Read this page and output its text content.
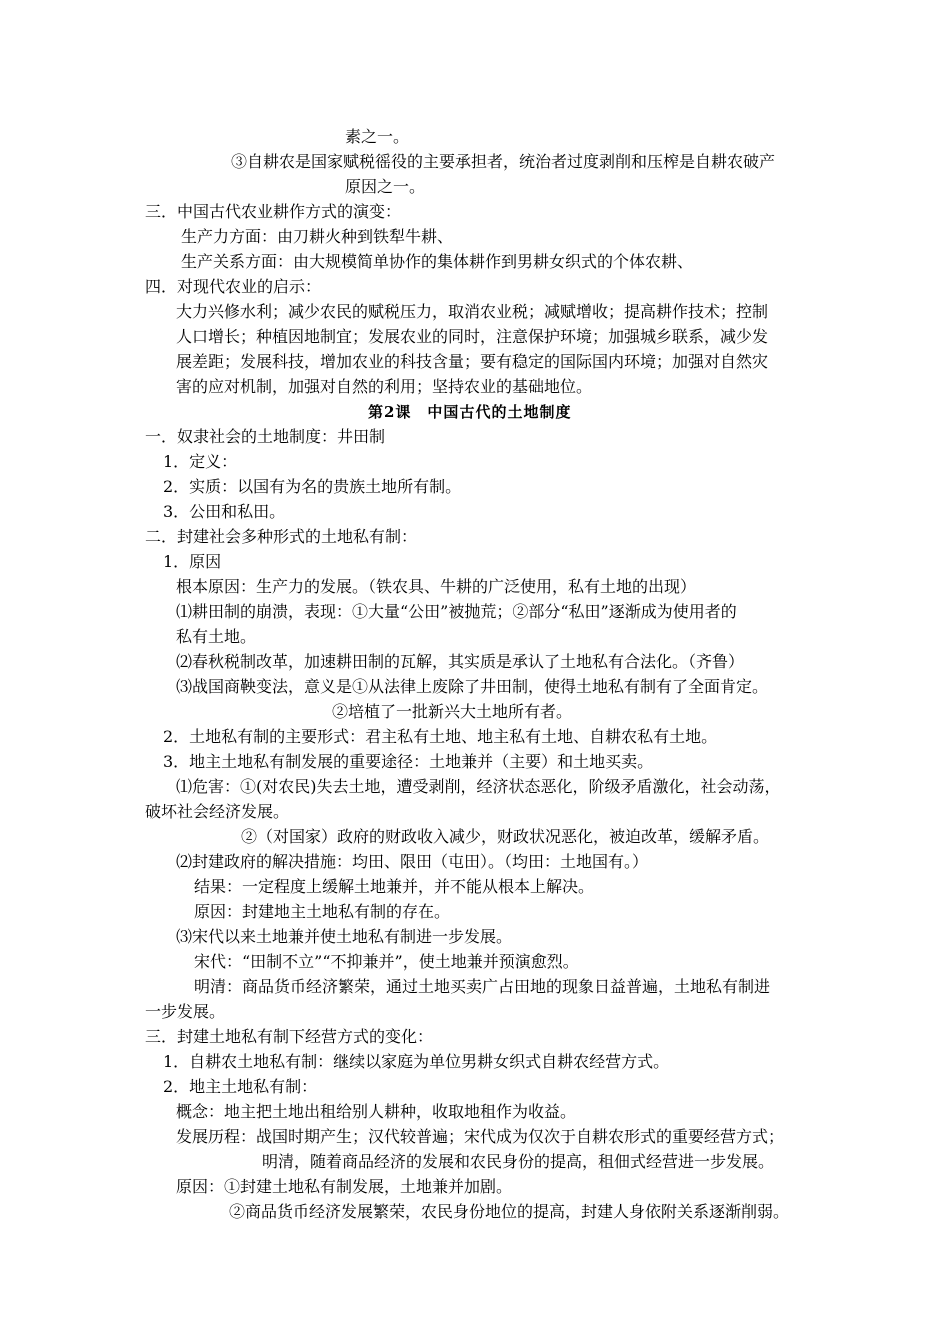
素之一。
③自耕农是国家赋税徭役的主要承担者，统治者过度剥削和压榨是自耕农破产
原因之一。
三．中国古代农业耕作方式的演变：
生产力方面：由刀耕火种到铁犁牛耕、
生产关系方面：由大规模简单协作的集体耕作到男耕女织式的个体农耕、
四．对现代农业的启示：
大力兴修水利；减少农民的赋税压力，取消农业税；减赋增收；提高耕作技术；控制
人口增长；种植因地制宜；发展农业的同时，注意保护环境；加强城乡联系，减少发
展差距；发展科技，增加农业的科技含量；要有稳定的国际国内环境；加强对自然灾
害的应对机制，加强对自然的利用；坚持农业的基础地位。
第2课　中国古代的土地制度
一．奴隶社会的土地制度：井田制
1．定义：
2．实质：以国有为名的贵族土地所有制。
3．公田和私田。
二．封建社会多种形式的土地私有制：
1．原因
根本原因：生产力的发展。（铁农具、牛耕的广泛使用，私有土地的出现）
⑴耕田制的崩溃，表现：①大量“公田”被抛荒；②部分“私田”逐渐成为使用者的
私有土地。
⑵春秋税制改革，加速耕田制的瓦解，其实质是承认了土地私有合法化。（齐鲁）
⑶战国商鞅变法，意义是①从法律上废除了井田制，使得土地私有制有了全面肯定。
②培植了一批新兴大土地所有者。
2．土地私有制的主要形式：君主私有土地、地主私有土地、自耕农私有土地。
3．地主土地私有制发展的重要途径：土地兼并（主要）和土地买卖。
⑴危害：①(对农民)失去土地，遭受剥削，经济状态恶化，阶级矛盾激化，社会动荡，
破坏社会经济发展。
②（对国家）政府的财政收入减少，财政状况恶化，被迫改革，缓解矛盾。
⑵封建政府的解决措施：均田、限田（屯田）。（均田：土地国有。）
结果：一定程度上缓解土地兼并，并不能从根本上解决。
原因：封建地主土地私有制的存在。
⑶宋代以来土地兼并使土地私有制进一步发展。
宋代：“田制不立”“不抑兼并”，使土地兼并预演愈烈。
明清：商品货币经济繁荣，通过土地买卖广占田地的现象日益普遍，土地私有制进
一步发展。
三．封建土地私有制下经营方式的变化：
1．自耕农土地私有制：继续以家庭为单位男耕女织式自耕农经营方式。
2．地主土地私有制：
概念：地主把土地出租给别人耕种，收取地租作为收益。
发展历程：战国时期产生；汉代较普遍；宋代成为仅次于自耕农形式的重要经营方式；
明清，随着商品经济的发展和农民身份的提高，租佃式经营进一步发展。
原因：①封建土地私有制发展，土地兼并加剧。
②商品货币经济发展繁荣，农民身份地位的提高，封建人身依附关系逐渐削弱。
